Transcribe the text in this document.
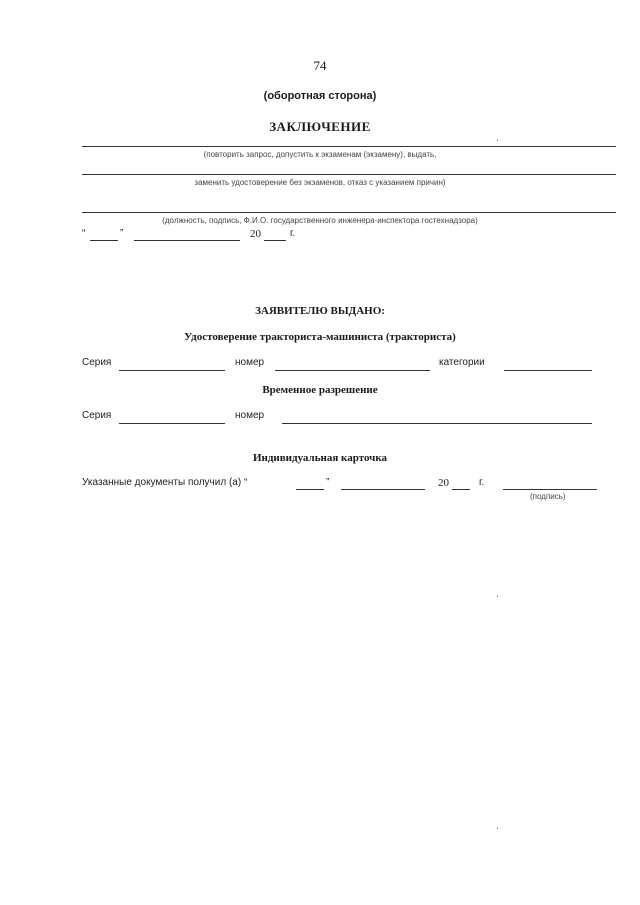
74
(оборотная сторона)
ЗАКЛЮЧЕНИЕ
(повторить запрос, допустить к экзаменам (экзамену), выдать,
заменить удостоверение без экзаменов, отказ с указанием причин)
(должность, подпись, Ф.И.О. государственного инженера-инспектора гостехнадзора)
“	”	20	г.
ЗАЯВИТЕЛЮ ВЫДАНО:
Удостоверение тракториста-машиниста (тракториста)
Серия	номер	категории
Временное разрешение
Серия	номер
Индивидуальная карточка
Указанные документы получил (а) “	”	20	г.
(подпись)
